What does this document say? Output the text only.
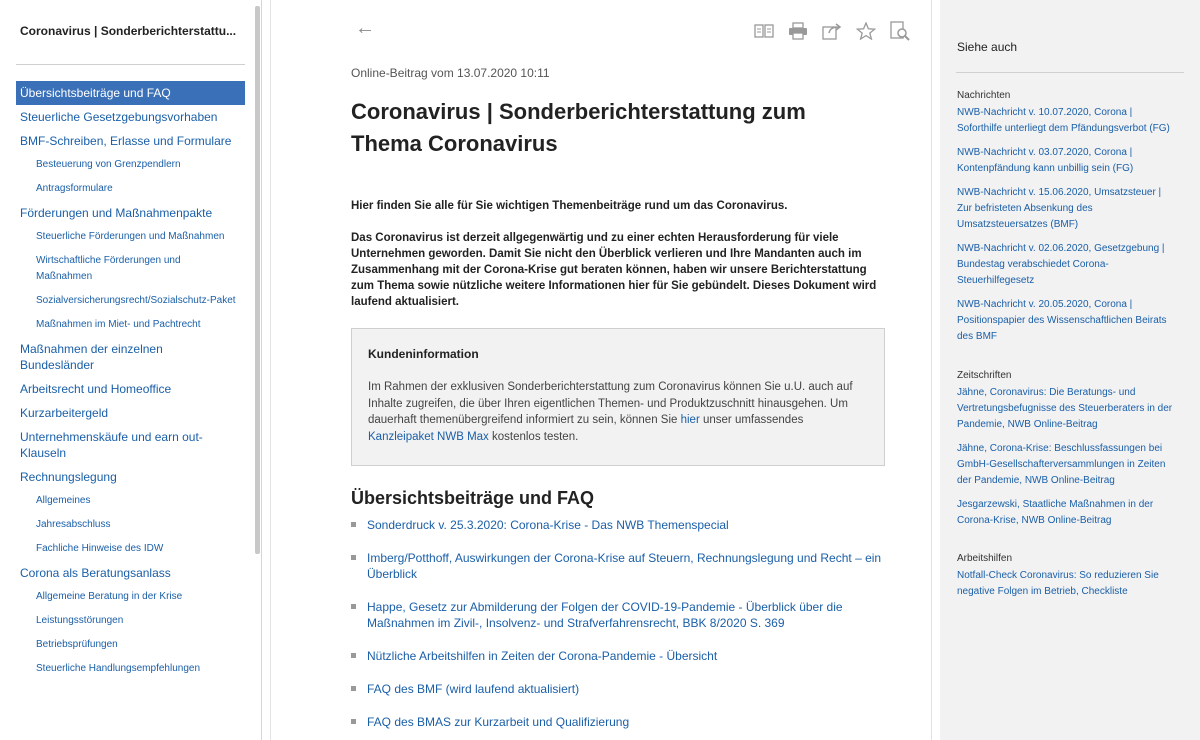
Coronavirus | Sonderberichterstattu...
Übersichtsbeiträge und FAQ
Steuerliche Gesetzgebungsvorhaben
BMF-Schreiben, Erlasse und Formulare
Besteuerung von Grenzpendlern
Antragsformulare
Förderungen und Maßnahmenpakte
Steuerliche Förderungen und Maßnahmen
Wirtschaftliche Förderungen und Maßnahmen
Sozialversicherungsrecht/Sozialschutz-Paket
Maßnahmen im Miet- und Pachtrecht
Maßnahmen der einzelnen Bundesländer
Arbeitsrecht und Homeoffice
Kurzarbeitergeld
Unternehmenskäufe und earn out-Klauseln
Rechnungslegung
Allgemeines
Jahresabschluss
Fachliche Hinweise des IDW
Corona als Beratungsanlass
Allgemeine Beratung in der Krise
Leistungsstörungen
Betriebsprüfungen
Steuerliche Handlungsempfehlungen
←
Online-Beitrag vom 13.07.2020 10:11
Coronavirus | Sonderberichterstattung zum Thema Coronavirus

Hier finden Sie alle für Sie wichtigen Themenbeiträge rund um das Coronavirus.

Das Coronavirus ist derzeit allgegenwärtig und zu einer echten Herausforderung für viele Unternehmen geworden. Damit Sie nicht den Überblick verlieren und Ihre Mandanten auch im Zusammenhang mit der Corona-Krise gut beraten können, haben wir unsere Berichterstattung zum Thema sowie nützliche weitere Informationen hier für Sie gebündelt. Dieses Dokument wird laufend aktualisiert.

Kundeninformation
Im Rahmen der exklusiven Sonderberichterstattung zum Coronavirus können Sie u.U. auch auf Inhalte zugreifen, die über Ihren eigentlichen Themen- und Produktzuschnitt hinausgehen. Um dauerhaft themenübergreifend informiert zu sein, können Sie hier unser umfassendes Kanzleipaket NWB Max kostenlos testen.
Übersichtsbeiträge und FAQ
Sonderdruck v. 25.3.2020: Corona-Krise - Das NWB Themenspecial
Imberg/Potthoff, Auswirkungen der Corona-Krise auf Steuern, Rechnungslegung und Recht – ein Überblick
Happe, Gesetz zur Abmilderung der Folgen der COVID-19-Pandemie - Überblick über die Maßnahmen im Zivil-, Insolvenz- und Strafverfahrensrecht, BBK 8/2020 S. 369
Nützliche Arbeitshilfen in Zeiten der Corona-Pandemie - Übersicht
FAQ des BMF (wird laufend aktualisiert)
FAQ des BMAS zur Kurzarbeit und Qualifizierung
Siehe auch
Nachrichten
NWB-Nachricht v. 10.07.2020, Corona | Soforthilfe unterliegt dem Pfändungsverbot (FG)
NWB-Nachricht v. 03.07.2020, Corona | Kontenpfändung kann unbillig sein (FG)
NWB-Nachricht v. 15.06.2020, Umsatzsteuer | Zur befristeten Absenkung des Umsatzsteuersatzes (BMF)
NWB-Nachricht v. 02.06.2020, Gesetzgebung | Bundestag verabschiedet Corona-Steuerhilfegesetz
NWB-Nachricht v. 20.05.2020, Corona | Positionspapier des Wissenschaftlichen Beirats des BMF
Zeitschriften
Jähne, Coronavirus: Die Beratungs- und Vertretungsbefugnisse des Steuerberaters in der Pandemie, NWB Online-Beitrag
Jähne, Corona-Krise: Beschlussfassungen bei GmbH-Gesellschafterversammlungen in Zeiten der Pandemie, NWB Online-Beitrag
Jesgarzewski, Staatliche Maßnahmen in der Corona-Krise, NWB Online-Beitrag
Arbeitshilfen
Notfall-Check Coronavirus: So reduzieren Sie negative Folgen im Betrieb, Checkliste
